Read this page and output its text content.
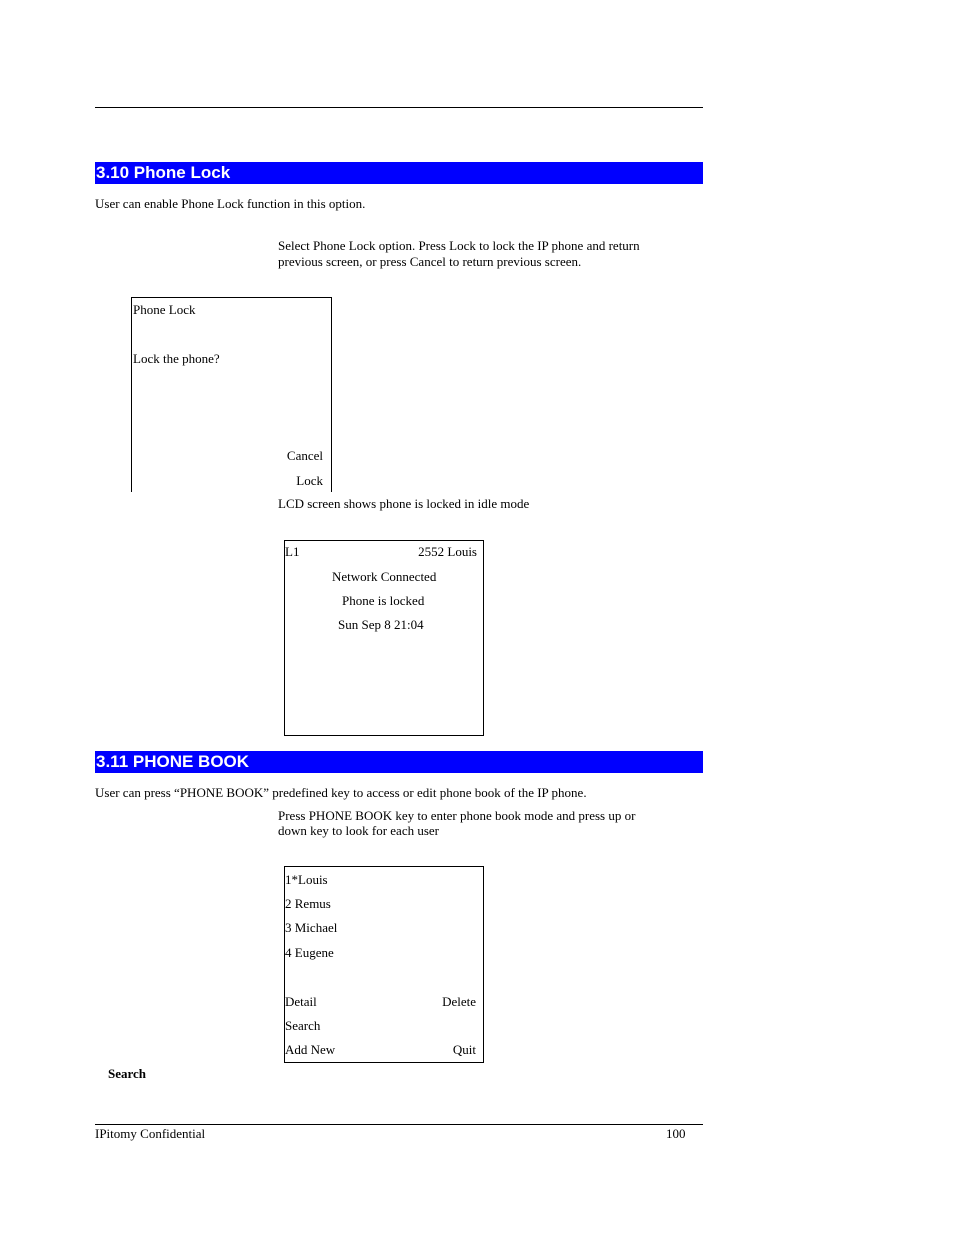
3.10 Phone Lock
User can enable Phone Lock function in this option.
Select Phone Lock option. Press Lock to lock the IP phone and return
previous screen, or press Cancel to return previous screen.
Phone Lock
Lock the phone?
Cancel
Lock
LCD screen shows phone is locked in idle mode
L1	2552 Louis
Network Connected
Phone is locked
Sun Sep 8 21:04
3.11 PHONE BOOK
User can press “PHONE BOOK” predefined key to access or edit phone book of the IP phone.
Press PHONE BOOK key to enter phone book mode and press up or
down key to look for each user
1*Louis
2 Remus
3 Michael
4 Eugene
Detail	Delete
Search
Add New	Quit
Search
IPitomy Confidential	100
